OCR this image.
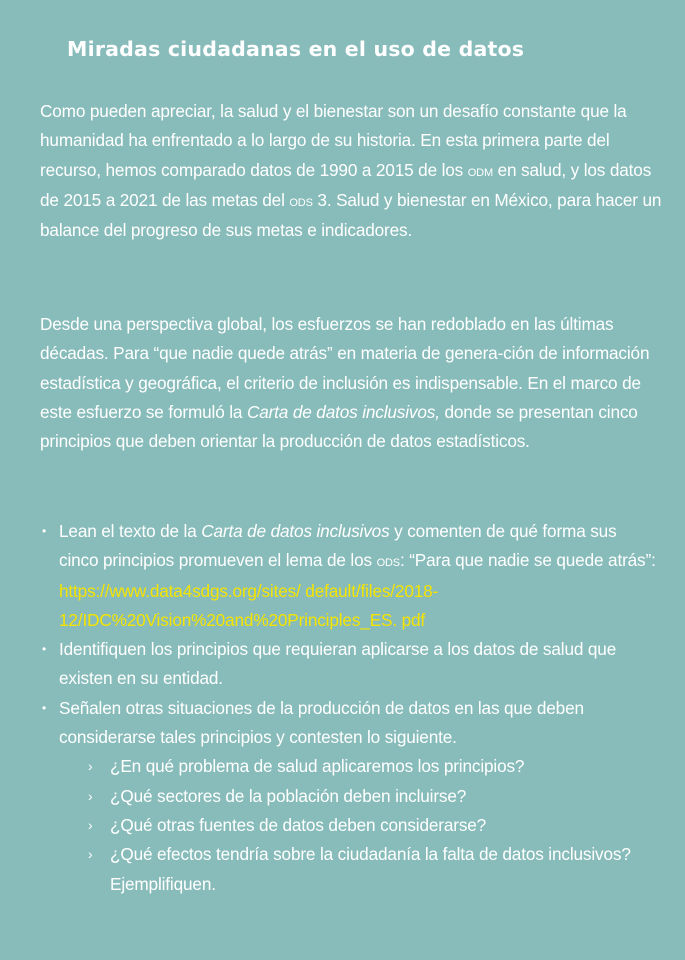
Miradas ciudadanas en el uso de datos

Como pueden apreciar, la salud y el bienestar son un desafío constante que la humanidad ha enfrentado a lo largo de su historia. En esta primera parte del recurso, hemos comparado datos de 1990 a 2015 de los odm en salud, y los datos de 2015 a 2021 de las metas del ods 3. Salud y bienestar en México, para hacer un balance del progreso de sus metas e indicadores.

Desde una perspectiva global, los esfuerzos se han redoblado en las últimas décadas. Para “que nadie quede atrás” en materia de genera-ción de información estadística y geográfica, el criterio de inclusión es indispensable. En el marco de este esfuerzo se formuló la Carta de datos inclusivos, donde se presentan cinco principios que deben orientar la producción de datos estadísticos.

• Lean el texto de la Carta de datos inclusivos y comenten de qué forma sus cinco principios promueven el lema de los ods: “Para que nadie se quede atrás”: https://www.data4sdgs.org/sites/ default/files/2018-12/IDC%20Vision%20and%20Principles_ES. pdf
• Identifiquen los principios que requieran aplicarse a los datos de salud que existen en su entidad.
• Señalen otras situaciones de la producción de datos en las que deben considerarse tales principios y contesten lo siguiente.
› ¿En qué problema de salud aplicaremos los principios?
› ¿Qué sectores de la población deben incluirse?
› ¿Qué otras fuentes de datos deben considerarse?
› ¿Qué efectos tendría sobre la ciudadanía la falta de datos inclusivos? Ejemplifiquen.
